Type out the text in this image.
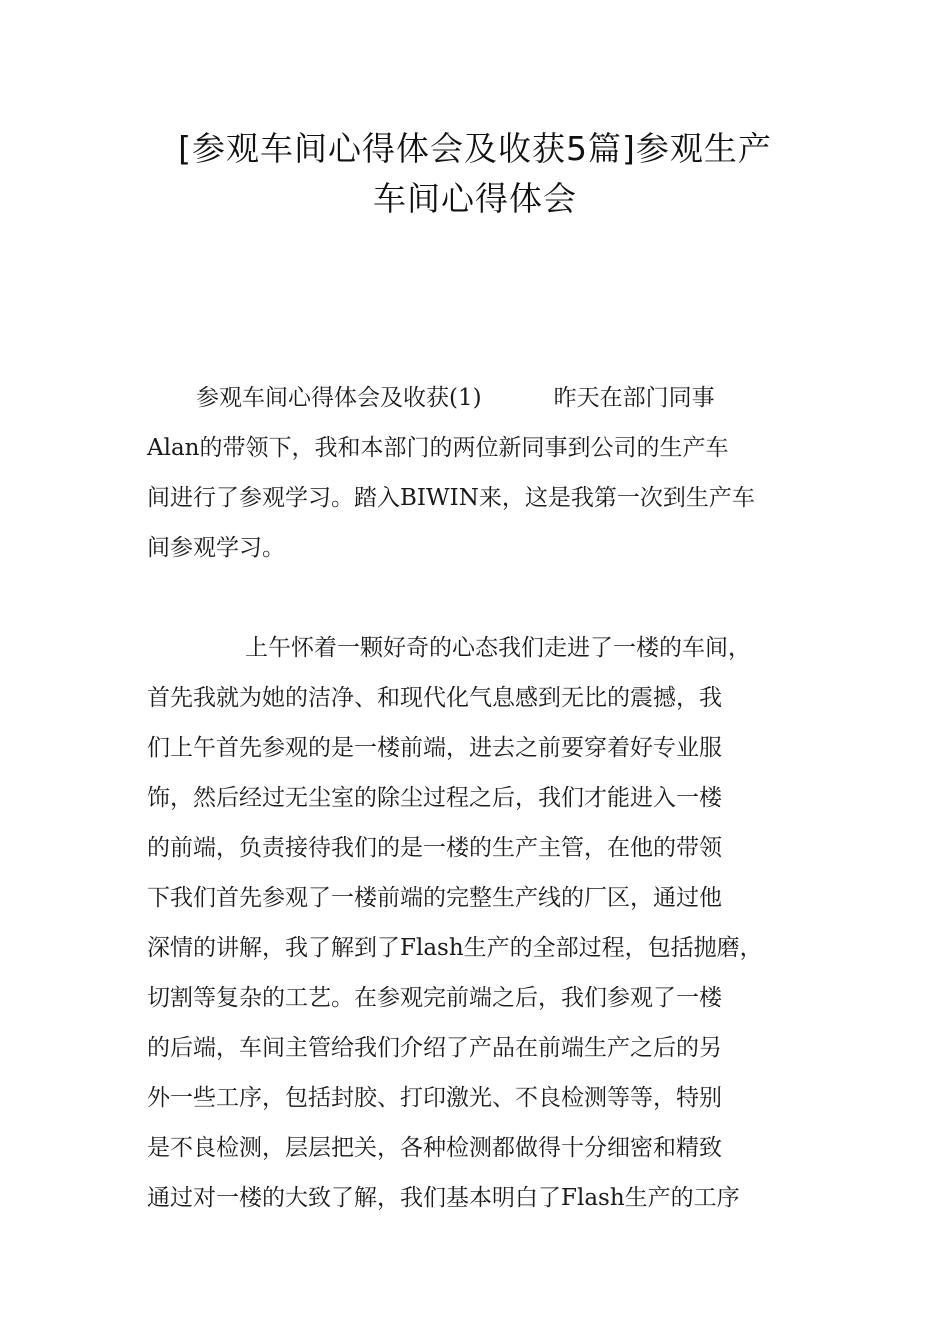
[参观车间心得体会及收获5篇]参观生产
车间心得体会
参观车间心得体会及收获(1)	昨天在部门同事
Alan的带领下，我和本部门的两位新同事到公司的生产车
间进行了参观学习。踏入BIWIN来，这是我第一次到生产车
间参观学习。
上午怀着一颗好奇的心态我们走进了一楼的车间，
首先我就为她的洁净、和现代化气息感到无比的震撼，我
们上午首先参观的是一楼前端，进去之前要穿着好专业服
饰，然后经过无尘室的除尘过程之后，我们才能进入一楼
的前端，负责接待我们的是一楼的生产主管，在他的带领
下我们首先参观了一楼前端的完整生产线的厂区，通过他
深情的讲解，我了解到了Flash生产的全部过程，包括抛磨，
切割等复杂的工艺。在参观完前端之后，我们参观了一楼
的后端，车间主管给我们介绍了产品在前端生产之后的另
外一些工序，包括封胶、打印激光、不良检测等等，特别
是不良检测，层层把关，各种检测都做得十分细密和精致
通过对一楼的大致了解，我们基本明白了Flash生产的工序
